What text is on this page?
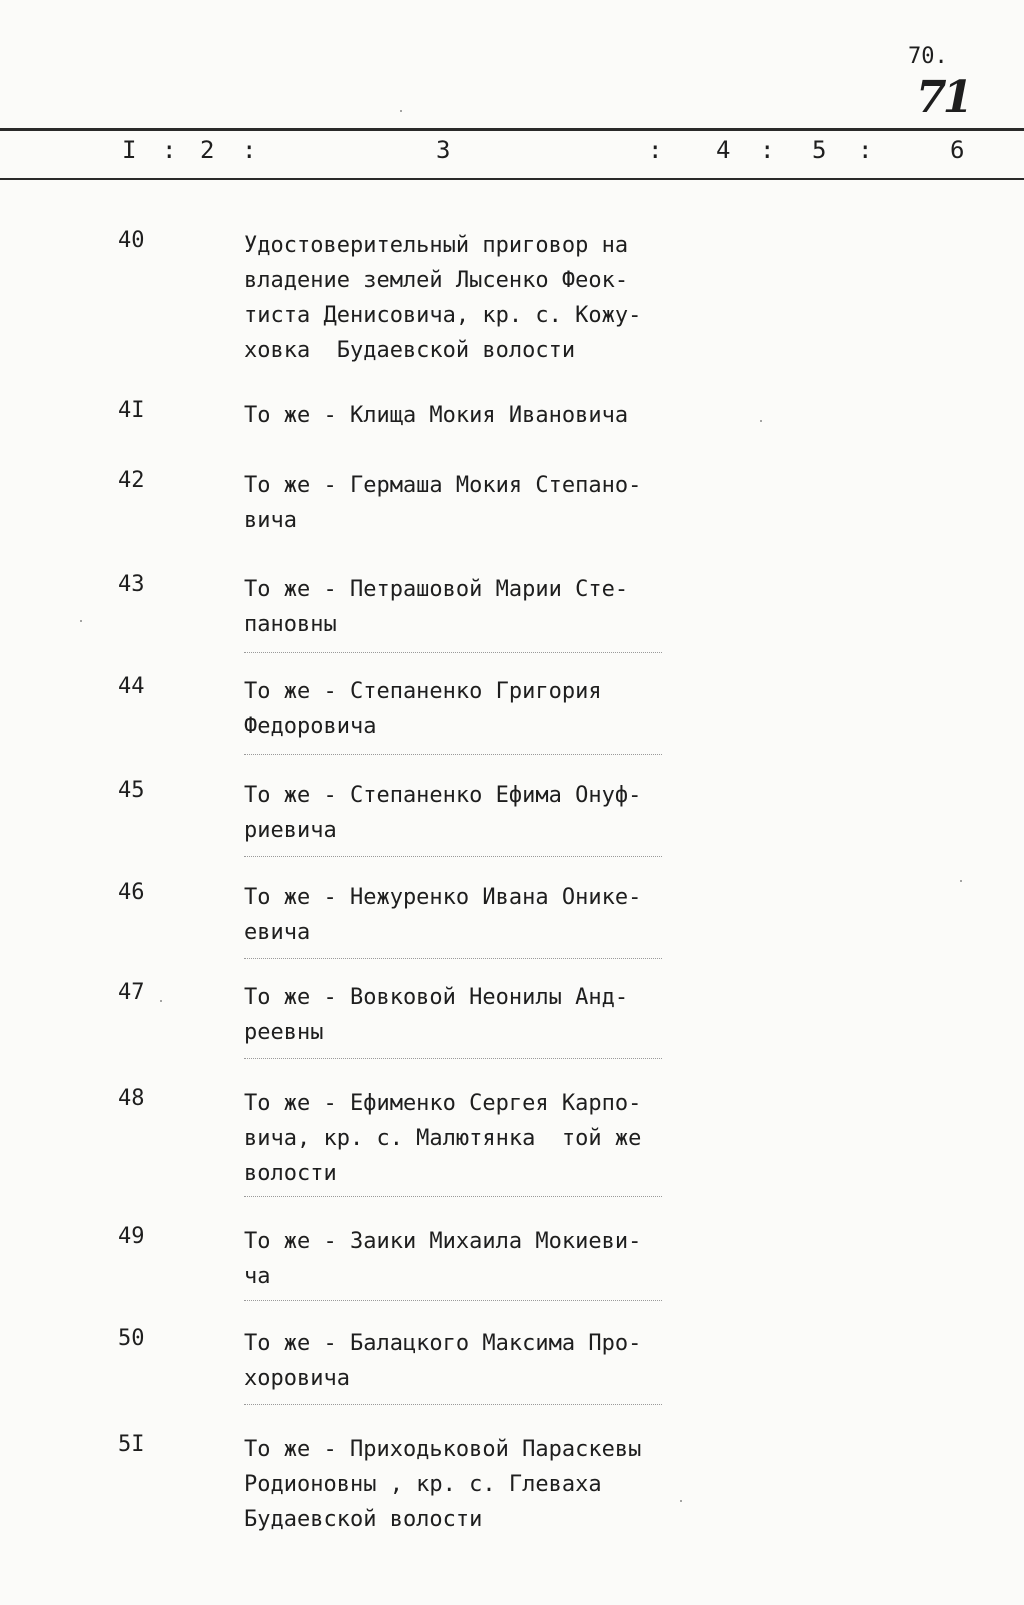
70.
71
I : 2 :	3	: 4 : 5 :	6
40	Удостоверительный приговор на
владение землей Лысенко Феок-
тиста Денисовича, кр. с. Кожу-
ховка  Будаевской волости
4I	То же - Клища Мокия Ивановича
42	То же - Гермаша Мокия Степано-
вича
43	То же - Петрашовой Марии Сте-
пановны
44	То же - Степаненко Григория
Федоровича
45	То же - Степаненко Ефима Онуф-
риевича
46	То же - Нежуренко Ивана Онике-
евича
47	То же - Вовковой Неонилы Анд-
реевны
48	То же - Ефименко Сергея Карпо-
вича, кр. с. Малютянка  той же
волости
49	То же - Заики Михаила Мокиеви-
ча
50	То же - Балацкого Максима Про-
хоровича
5I	То же - Приходьковой Параскевы
Родионовны , кр. с. Глеваха
Будаевской волости
